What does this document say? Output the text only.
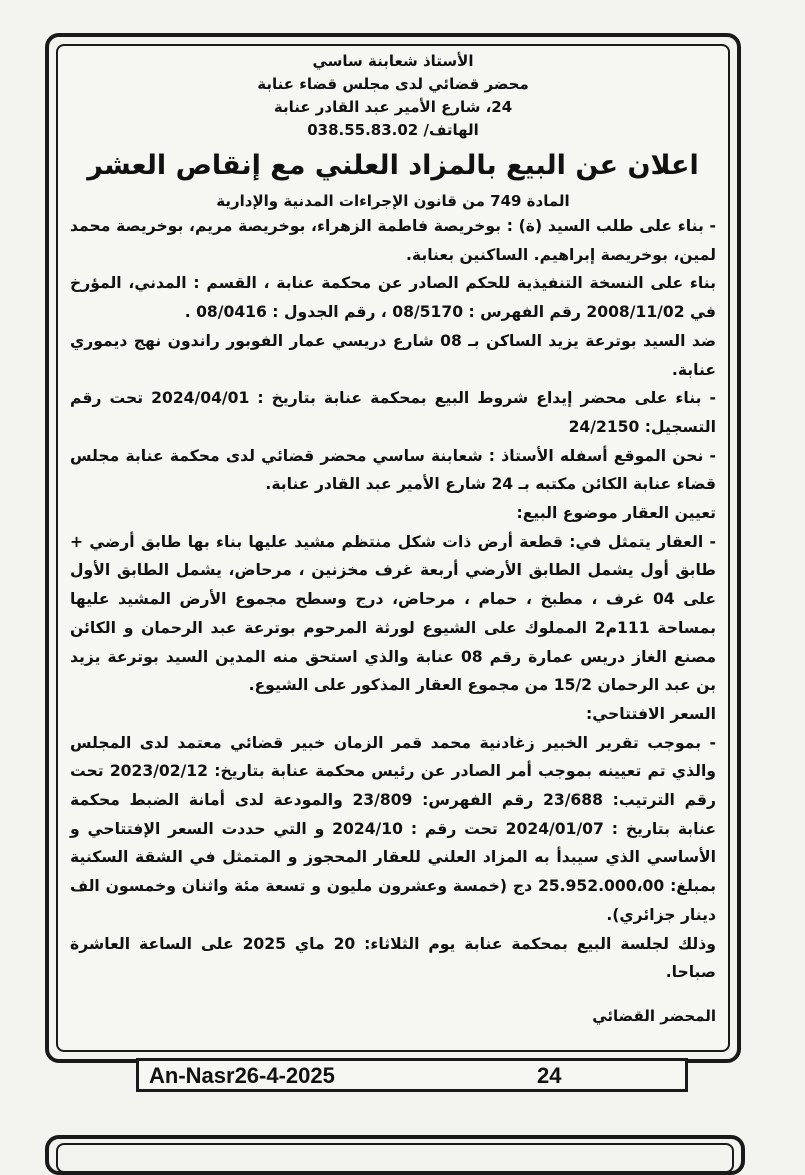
الأستاذ شعابنة ساسي
محضر قضائي لدى مجلس قضاء عنابة
24، شارع الأمير عبد القادر عنابة
الهاتف/ 038.55.83.02
اعلان عن البيع بالمزاد العلني مع إنقاص العشر
المادة 749 من قانون الإجراءات المدنية والإدارية

- بناء على طلب السيد (ة) : بوخريصة فاطمة الزهراء، بوخريصة مريم، بوخريصة محمد لمين، بوخريصة إبراهيم. الساكنين بعنابة.

بناء على النسخة التنفيذية للحكم الصادر عن محكمة عنابة ، القسم : المدني، المؤرخ في 2008/11/02 رقم الفهرس : 08/5170 ، رقم الجدول : 08/0416 .

ضد السيد بوترعة يزيد الساكن بـ 08 شارع دريسي عمار الفوبور راندون نهج ديموري عنابة.

- بناء على محضر إيداع شروط البيع بمحكمة عنابة بتاريخ : 2024/04/01 تحت رقم التسجيل: 24/2150

- نحن الموقع أسفله الأستاذ : شعابنة ساسي محضر قضائي لدى محكمة عنابة مجلس قضاء عنابة الكائن مكتبه بـ 24 شارع الأمير عبد القادر عنابة.

تعيين العقار موضوع البيع:

- العقار يتمثل في: قطعة أرض ذات شكل منتظم مشيد عليها بناء بها طابق أرضي + طابق أول يشمل الطابق الأرضي أربعة غرف مخزنين ، مرحاض، يشمل الطابق الأول على 04 غرف ، مطبخ ، حمام ، مرحاض، درج وسطح مجموع الأرض المشيد عليها بمساحة 111م2 المملوك على الشيوع لورثة المرحوم بوترعة عبد الرحمان و الكائن مصنع الغاز دريس عمارة رقم 08 عنابة والذي استحق منه المدين السيد بوترعة يزيد بن عبد الرحمان 15/2 من مجموع العقار المذكور على الشيوع.

السعر الافتتاحي:

- بموجب تقرير الخبير زغادنية محمد قمر الزمان خبير قضائي معتمد لدى المجلس والذي تم تعيينه بموجب أمر الصادر عن رئيس محكمة عنابة بتاريخ: 2023/02/12 تحت رقم الترتيب: 23/688 رقم الفهرس: 23/809 والمودعة لدى أمانة الضبط محكمة عنابة بتاريخ : 2024/01/07 تحت رقم : 2024/10 و التي حددت السعر الإفتتاحي و الأساسي الذي سيبدأ به المزاد العلني للعقار المحجوز و المتمثل في الشقة السكنية بمبلغ: 25.952.000،00 دج (خمسة وعشرون مليون و تسعة مئة واثنان وخمسون الف دينار جزائري).

وذلك لجلسة البيع بمحكمة عنابة يوم الثلاثاء: 20 ماي 2025 على الساعة العاشرة صباحا.

المحضر القضائي
An-Nasr26-4-2025	24
